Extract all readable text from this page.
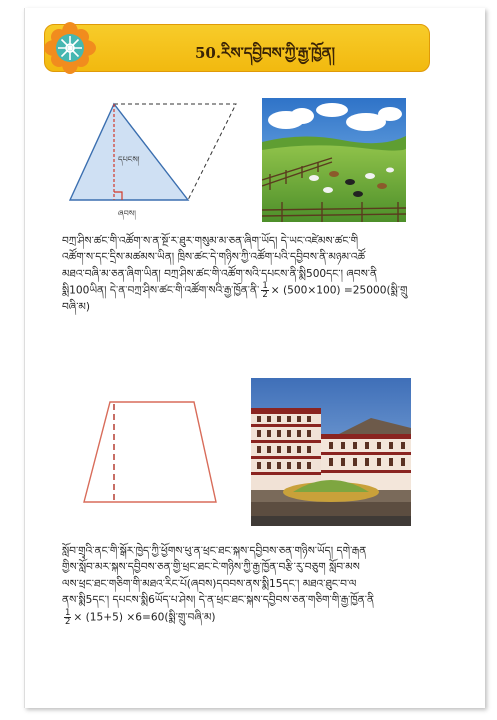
50.རིས་དབྱིབས་ཀྱི་རྒྱ་ཁྱོན།
དཔངས།
ཞབས།
བཀྲ་ཤིས་ཚང་གི་འཚོག་ས་ན་སྔོ་ར་ཐུར་གསུམ་མ་ཅན་ཞིག་ཡོད། དེ་ཡང་འཛེམས་ཚང་གི
འཚོག་ས་དང་དྲིས་མཚམས་ཡིན། ཁྲིས་ཚང་དེ་གཉིས་ཀྱི་འཚོག་པའི་དབྱིབས་ནི་མཉམ་འཚོ
མཐའ་བཞི་མ་ཅན་ཞིག་ཡིན། བཀྲ་ཤིས་ཚང་གི་འཚོག་སའི་དཔངས་ནི་སྨི500དང་། ཞབས་ནི
སྨི100ཡིན། དེ་ན་བཀྲ་ཤིས་ཚང་གི་འཚོག་སའི་རྒྱ་ཁྱོན་ནི་ $\frac{1}{2} \times (500\times 100)$ =25000(སྨི་གྲུ
བཞི་མ)
སློབ་གྲྭའི་ནང་གི་སྒོར་ཁྱེད་ཀྱི་ཕྱོགས་ཕུ་ན་ཕྲང་ཐང་སྐས་དབྱིབས་ཅན་གཉིས་ཡོད། དགེ་རྒན
གྱིས་སློབ་མར་སྐས་དབྱིབས་ཅན་གྱི་ཕྲང་ཐང་ངེ་གཉིས་ཀྱི་རྒྱ་ཁྱོན་བརྩི་རུ་བཅུག སློབ་མས
ལས་ཕྲང་ཐང་གཅིག་གི་མཐའ་རིང་པོ(ཞབས)དབབས་ནས་སྨི15དང་། མཐའ་ཐུང་བ་ལ
ནས་སྨི5དང་། དཔངས་སྨི6ཡོད་པ་ཤེས། དེ་ན་ཕྲང་ཐང་སྐས་དབྱིབས་ཅན་གཅིག་གི་རྒྱ་ཁྱོན་ནི
$\frac{1}{2} \times (15+5)$ ×6=60(སྨི་གྲུ་བཞི་མ)
